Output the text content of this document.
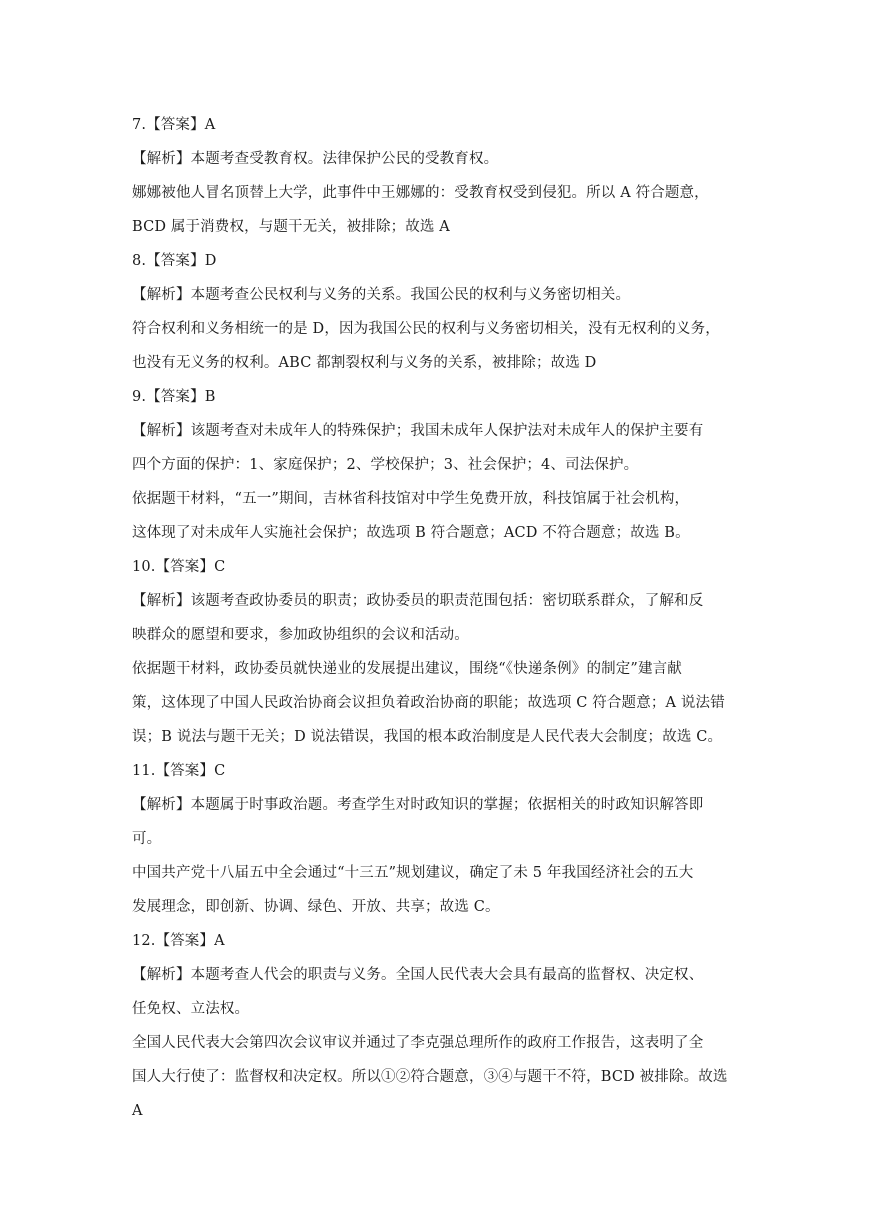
7.【答案】A
【解析】本题考查受教育权。法律保护公民的受教育权。
娜娜被他人冒名顶替上大学，此事件中王娜娜的：受教育权受到侵犯。所以 A 符合题意，
BCD 属于消费权，与题干无关，被排除；故选 A
8.【答案】D
【解析】本题考查公民权利与义务的关系。我国公民的权利与义务密切相关。
符合权利和义务相统一的是 D，因为我国公民的权利与义务密切相关，没有无权利的义务，
也没有无义务的权利。ABC 都割裂权利与义务的关系，被排除；故选 D
9.【答案】B
【解析】该题考查对未成年人的特殊保护；我国未成年人保护法对未成年人的保护主要有
四个方面的保护：1、家庭保护；2、学校保护；3、社会保护；4、司法保护。
依据题干材料，“五一”期间，吉林省科技馆对中学生免费开放，科技馆属于社会机构，
这体现了对未成年人实施社会保护；故选项 B 符合题意；ACD 不符合题意；故选 B。
10.【答案】C
【解析】该题考查政协委员的职责；政协委员的职责范围包括：密切联系群众，了解和反
映群众的愿望和要求，参加政协组织的会议和活动。
依据题干材料，政协委员就快递业的发展提出建议，围绕“《快递条例》的制定”建言献
策，这体现了中国人民政治协商会议担负着政治协商的职能；故选项 C 符合题意；A 说法错
误；B 说法与题干无关；D 说法错误，我国的根本政治制度是人民代表大会制度；故选 C。
11.【答案】C
【解析】本题属于时事政治题。考查学生对时政知识的掌握；依据相关的时政知识解答即
可。
中国共产党十八届五中全会通过“十三五”规划建议，确定了未 5 年我国经济社会的五大
发展理念，即创新、协调、绿色、开放、共享；故选 C。
12.【答案】A
【解析】本题考查人代会的职责与义务。全国人民代表大会具有最高的监督权、决定权、
任免权、立法权。
全国人民代表大会第四次会议审议并通过了李克强总理所作的政府工作报告，这表明了全
国人大行使了：监督权和决定权。所以①②符合题意，③④与题干不符，BCD 被排除。故选
A
